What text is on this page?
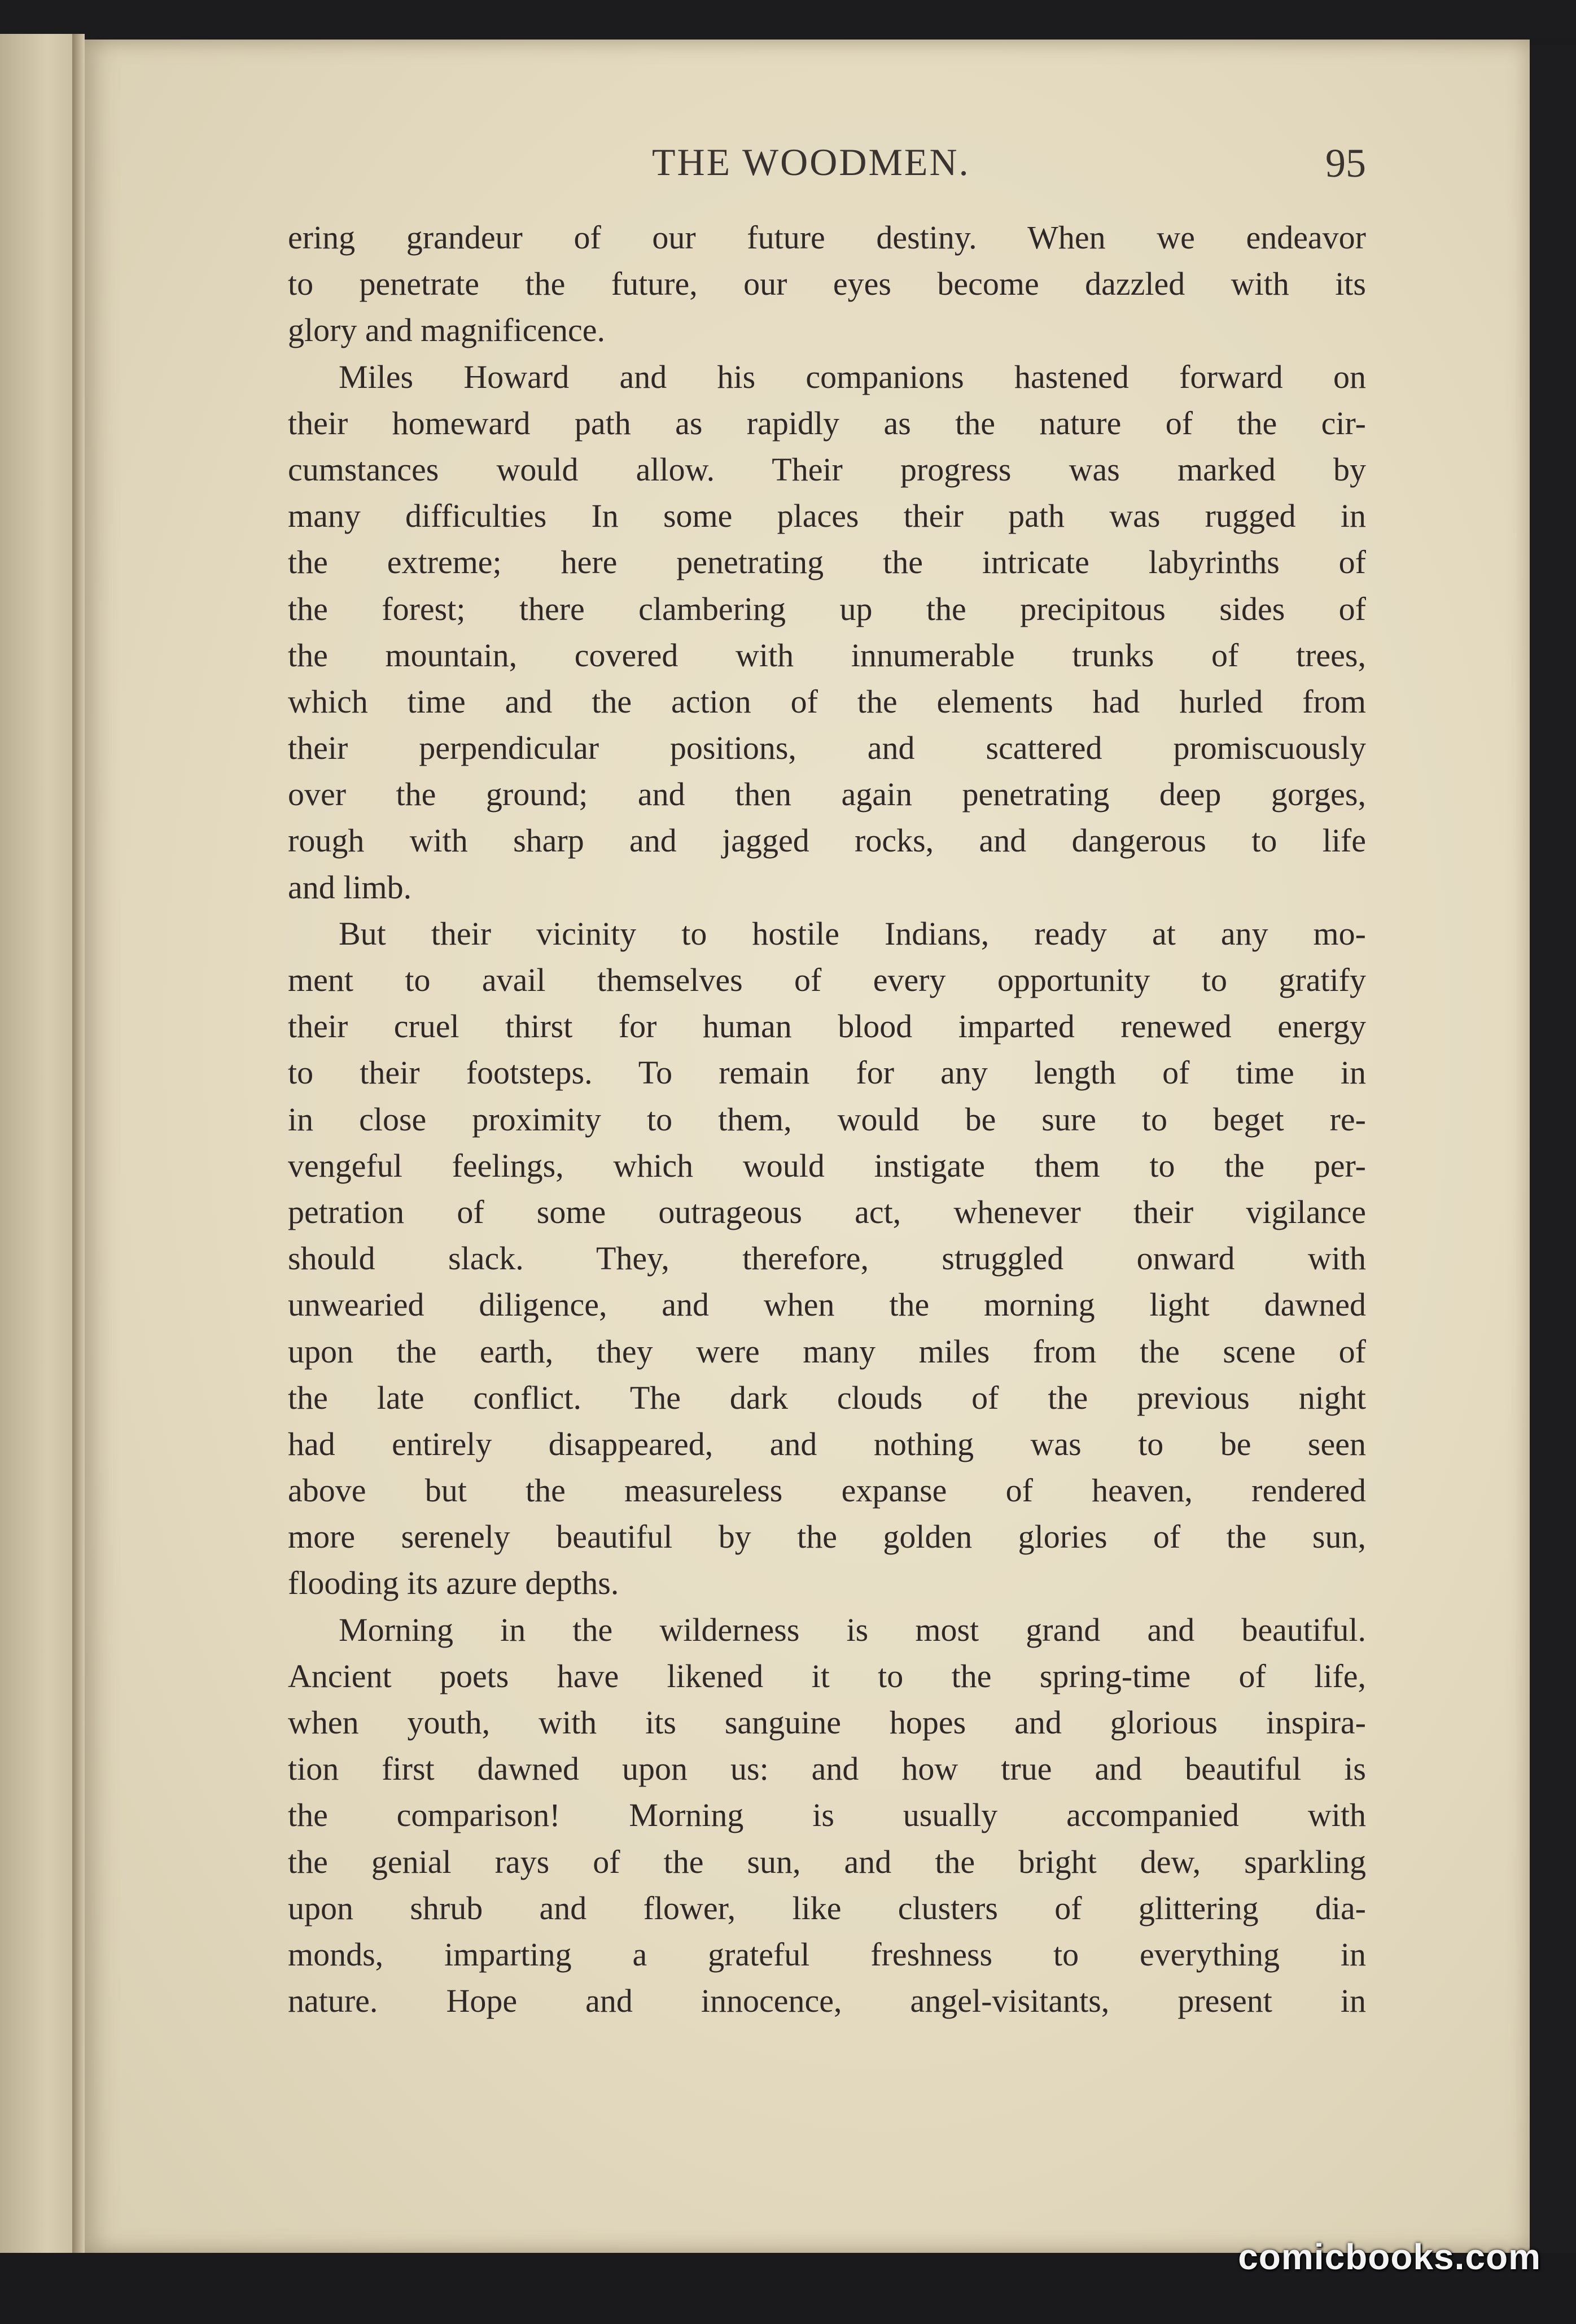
THE WOODMEN.	95
ering grandeur of our future destiny. When we endeavor
to penetrate the future, our eyes become dazzled with its
glory and magnificence.
Miles Howard and his companions hastened forward on
their homeward path as rapidly as the nature of the cir-
cumstances would allow. Their progress was marked by
many difficulties In some places their path was rugged in
the extreme; here penetrating the intricate labyrinths of
the forest; there clambering up the precipitous sides of
the mountain, covered with innumerable trunks of trees,
which time and the action of the elements had hurled from
their perpendicular positions, and scattered promiscuously
over the ground; and then again penetrating deep gorges,
rough with sharp and jagged rocks, and dangerous to life
and limb.
But their vicinity to hostile Indians, ready at any mo-
ment to avail themselves of every opportunity to gratify
their cruel thirst for human blood imparted renewed energy
to their footsteps. To remain for any length of time in
in close proximity to them, would be sure to beget re-
vengeful feelings, which would instigate them to the per-
petration of some outrageous act, whenever their vigilance
should slack. They, therefore, struggled onward with
unwearied diligence, and when the morning light dawned
upon the earth, they were many miles from the scene of
the late conflict. The dark clouds of the previous night
had entirely disappeared, and nothing was to be seen
above but the measureless expanse of heaven, rendered
more serenely beautiful by the golden glories of the sun,
flooding its azure depths.
Morning in the wilderness is most grand and beautiful.
Ancient poets have likened it to the spring-time of life,
when youth, with its sanguine hopes and glorious inspira-
tion first dawned upon us: and how true and beautiful is
the comparison! Morning is usually accompanied with
the genial rays of the sun, and the bright dew, sparkling
upon shrub and flower, like clusters of glittering dia-
monds, imparting a grateful freshness to everything in
nature. Hope and innocence, angel-visitants, present in
comicbooks.com
